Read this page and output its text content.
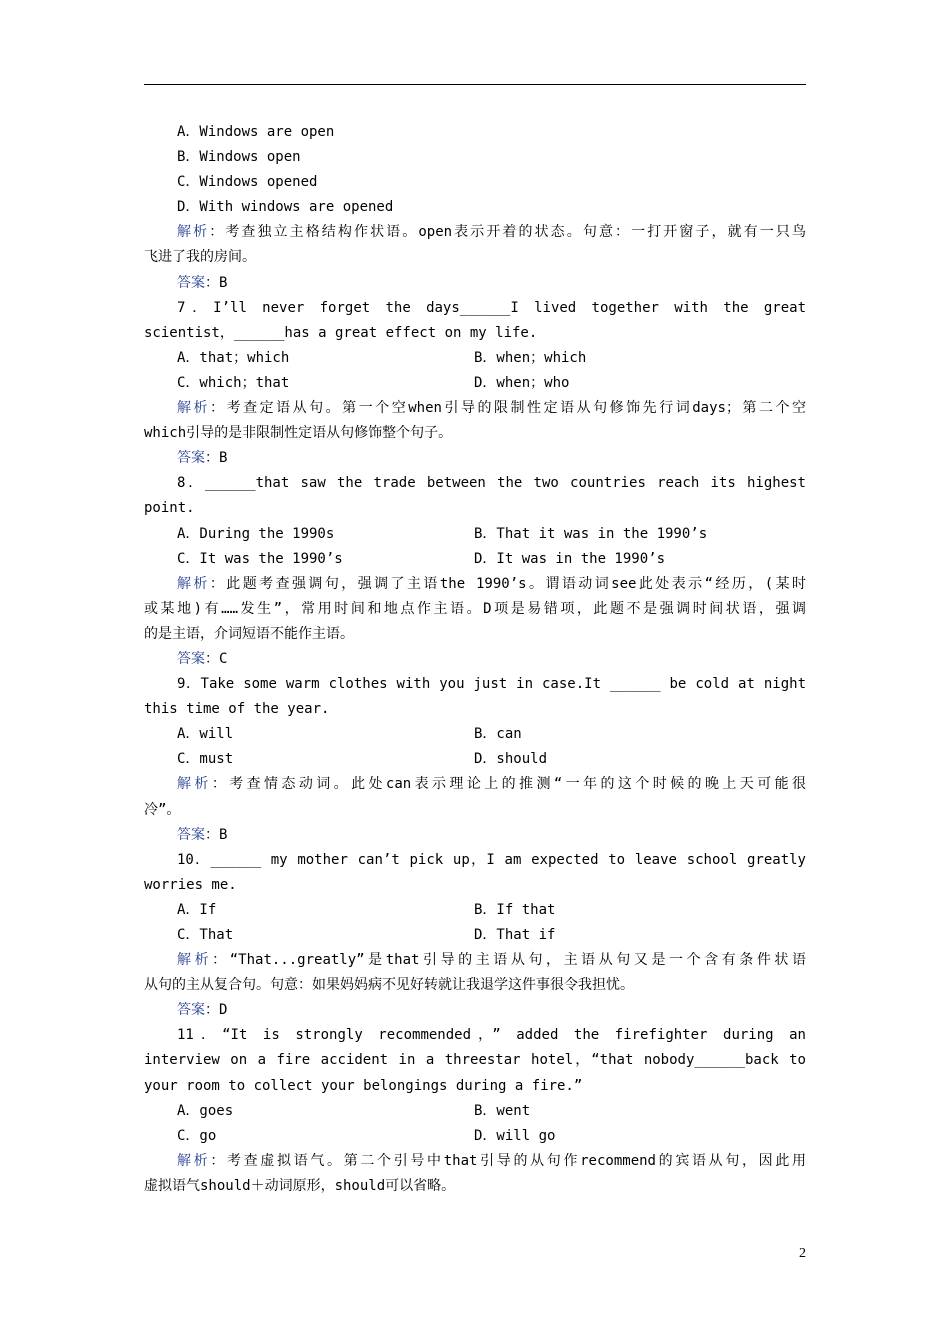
A．Windows are open
B．Windows open
C．Windows opened
D．With windows are opened
解析：考查独立主格结构作状语。open表示开着的状态。句意：一打开窗子，就有一只鸟
飞进了我的房间。
答案：B
7．I’ll never forget the days______I lived together with the great
scientist，______has a great effect on my life.
A．that；which	B．when；which
C．which；that	D．when；who
解析：考查定语从句。第一个空when引导的限制性定语从句修饰先行词days；第二个空
which引导的是非限制性定语从句修饰整个句子。
答案：B
8．______that saw the trade between the two countries reach its highest
point.
A．During the 1990s	B．That it was in the 1990’s
C．It was the 1990’s	D．It was in the 1990’s
解析：此题考查强调句，强调了主语the 1990’s。谓语动词see此处表示“经历，(某时
或某地)有……发生”，常用时间和地点作主语。D项是易错项，此题不是强调时间状语，强调
的是主语，介词短语不能作主语。
答案：C
9．Take some warm clothes with you just in case.It ______ be cold at night
this time of the year.
A．will	B．can
C．must	D．should
解析：考查情态动词。此处can表示理论上的推测“一年的这个时候的晚上天可能很
冷”。
答案：B
10．______ my mother can’t pick up，I am expected to leave school greatly
worries me.
A．If	B．If that
C．That	D．That if
解析：“That...greatly”是that引导的主语从句，主语从句又是一个含有条件状语
从句的主从复合句。句意：如果妈妈病不见好转就让我退学这件事很令我担忧。
答案：D
11．“It is strongly recommended，” added the firefighter during an
interview on a fire accident in a threestar hotel，“that nobody______back to
your room to collect your belongings during a fire.”
A．goes	B．went
C．go	D．will go
解析：考查虚拟语气。第二个引号中that引导的从句作recommend的宾语从句，因此用
虚拟语气should＋动词原形，should可以省略。
2
